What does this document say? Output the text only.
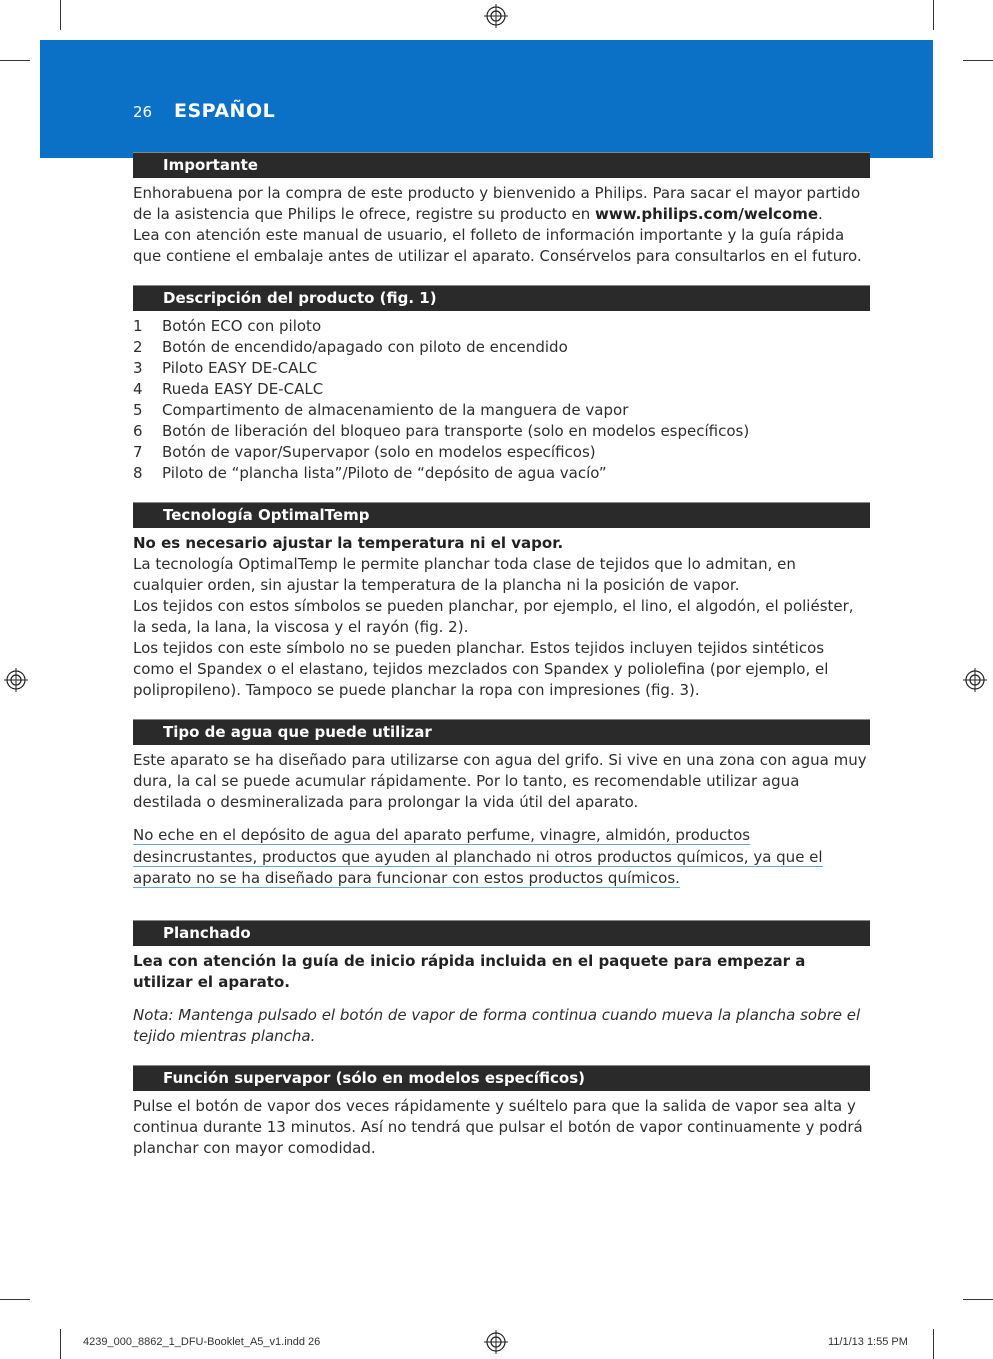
26 ESPAÑOL
Importante

Enhorabuena por la compra de este producto y bienvenido a Philips. Para sacar el mayor partido de la asistencia que Philips le ofrece, registre su producto en www.philips.com/welcome.

Lea con atención este manual de usuario, el folleto de información importante y la guía rápida que contiene el embalaje antes de utilizar el aparato. Consérvelos para consultarlos en el futuro.

Descripción del producto (fig. 1)
1	Botón ECO con piloto
2	Botón de encendido/apagado con piloto de encendido
3	Piloto EASY DE-CALC
4	Rueda EASY DE-CALC
5	Compartimento de almacenamiento de la manguera de vapor
6	Botón de liberación del bloqueo para transporte (solo en modelos específicos)
7	Botón de vapor/Supervapor (solo en modelos específicos)
8	Piloto de “plancha lista”/Piloto de “depósito de agua vacío”
Tecnología OptimalTemp

No es necesario ajustar la temperatura ni el vapor.

La tecnología OptimalTemp le permite planchar toda clase de tejidos que lo admitan, en cualquier orden, sin ajustar la temperatura de la plancha ni la posición de vapor.

Los tejidos con estos símbolos se pueden planchar, por ejemplo, el lino, el algodón, el poliéster, la seda, la lana, la viscosa y el rayón (fig. 2).

Los tejidos con este símbolo no se pueden planchar. Estos tejidos incluyen tejidos sintéticos como el Spandex o el elastano, tejidos mezclados con Spandex y poliolefina (por ejemplo, el polipropileno). Tampoco se puede planchar la ropa con impresiones (fig. 3).

Tipo de agua que puede utilizar

Este aparato se ha diseñado para utilizarse con agua del grifo. Si vive en una zona con agua muy dura, la cal se puede acumular rápidamente. Por lo tanto, es recomendable utilizar agua destilada o desmineralizada para prolongar la vida útil del aparato.

No eche en el depósito de agua del aparato perfume, vinagre, almidón, productos desincrustantes, productos que ayuden al planchado ni otros productos químicos, ya que el aparato no se ha diseñado para funcionar con estos productos químicos.

Planchado

Lea con atención la guía de inicio rápida incluida en el paquete para empezar a utilizar el aparato.

Nota: Mantenga pulsado el botón de vapor de forma continua cuando mueva la plancha sobre el tejido mientras plancha.

Función supervapor (sólo en modelos específicos)

Pulse el botón de vapor dos veces rápidamente y suéltelo para que la salida de vapor sea alta y continua durante 13 minutos. Así no tendrá que pulsar el botón de vapor continuamente y podrá planchar con mayor comodidad.

4239_000_8862_1_DFU-Booklet_A5_v1.indd 26	11/1/13 1:55 PM
